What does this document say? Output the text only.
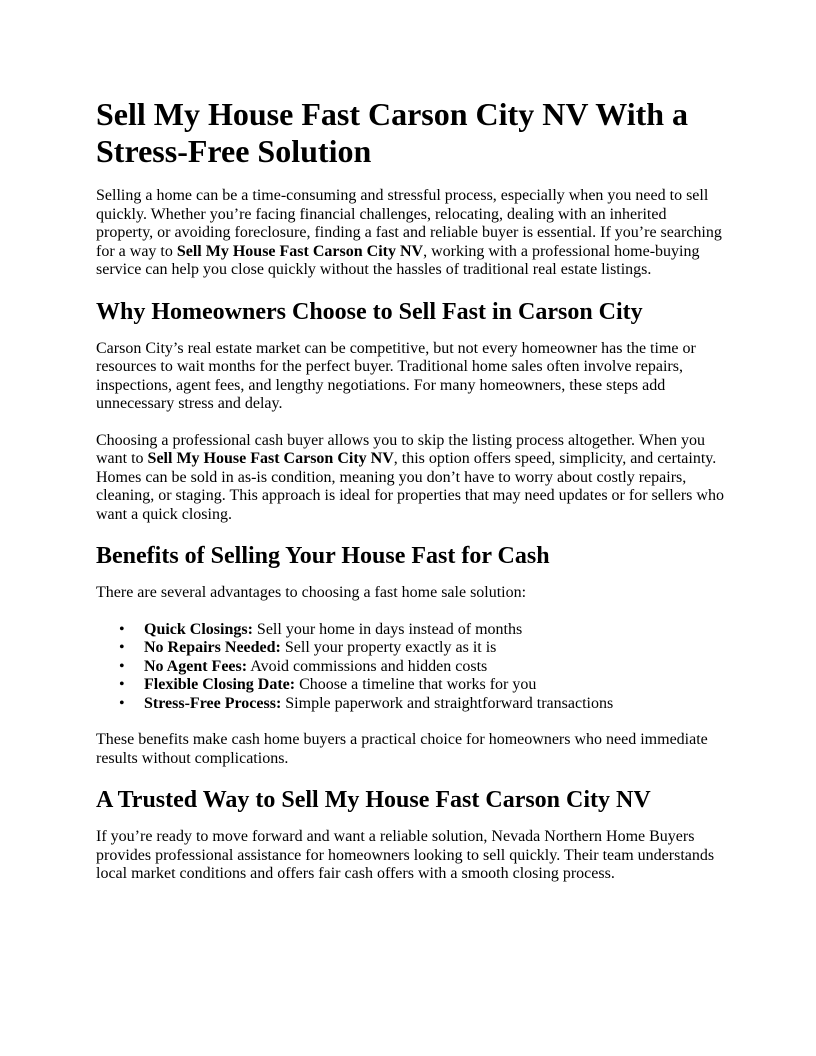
Sell My House Fast Carson City NV With a Stress-Free Solution

Selling a home can be a time-consuming and stressful process, especially when you need to sell quickly. Whether you’re facing financial challenges, relocating, dealing with an inherited property, or avoiding foreclosure, finding a fast and reliable buyer is essential. If you’re searching for a way to Sell My House Fast Carson City NV, working with a professional home-buying service can help you close quickly without the hassles of traditional real estate listings.

Why Homeowners Choose to Sell Fast in Carson City

Carson City’s real estate market can be competitive, but not every homeowner has the time or resources to wait months for the perfect buyer. Traditional home sales often involve repairs, inspections, agent fees, and lengthy negotiations. For many homeowners, these steps add unnecessary stress and delay.

Choosing a professional cash buyer allows you to skip the listing process altogether. When you want to Sell My House Fast Carson City NV, this option offers speed, simplicity, and certainty. Homes can be sold in as-is condition, meaning you don’t have to worry about costly repairs, cleaning, or staging. This approach is ideal for properties that may need updates or for sellers who want a quick closing.

Benefits of Selling Your House Fast for Cash

There are several advantages to choosing a fast home sale solution:

• Quick Closings: Sell your home in days instead of months
• No Repairs Needed: Sell your property exactly as it is
• No Agent Fees: Avoid commissions and hidden costs
• Flexible Closing Date: Choose a timeline that works for you
• Stress-Free Process: Simple paperwork and straightforward transactions

These benefits make cash home buyers a practical choice for homeowners who need immediate results without complications.

A Trusted Way to Sell My House Fast Carson City NV

If you’re ready to move forward and want a reliable solution, Nevada Northern Home Buyers provides professional assistance for homeowners looking to sell quickly. Their team understands local market conditions and offers fair cash offers with a smooth closing process.
